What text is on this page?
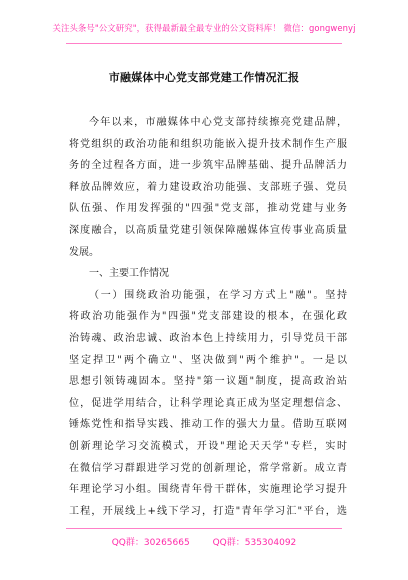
关注头条号"公文研究"，获得最新最全最专业的公文资料库！ 微信：gongwenyj
市融媒体中心党支部党建工作情况汇报
今年以来，市融媒体中心党支部持续擦亮党建品牌，
将党组织的政治功能和组织功能嵌入提升技术制作生产服
务的全过程各方面，进一步筑牢品牌基础、提升品牌活力
释放品牌效应，着力建设政治功能强、支部班子强、党员
队伍强、作用发挥强的"四强"党支部，推动党建与业务
深度融合，以高质量党建引领保障融媒体宣传事业高质量
发展。
一、主要工作情况
（一）围绕政治功能强，在学习方式上"融"。坚持
将政治功能强作为"四强"党支部建设的根本，在强化政
治铸魂、政治忠诚、政治本色上持续用力，引导党员干部
坚定捍卫"两个确立"、坚决做到"两个维护"。一是以
思想引领铸魂固本。坚持"第一议题"制度，提高政治站
位，促进学用结合，让科学理论真正成为坚定理想信念、
锤炼党性和指导实践、推动工作的强大力量。借助互联网
创新理论学习交流模式，开设"理论天天学"专栏，实时
在微信学习群跟进学习党的创新理论，常学常新。成立青
年理论学习小组。围绕青年骨干群体，实施理论学习提升
工程，开展线上+线下学习，打造"青年学习汇"平台，选
QQ群：30265665	QQ群：535304092
